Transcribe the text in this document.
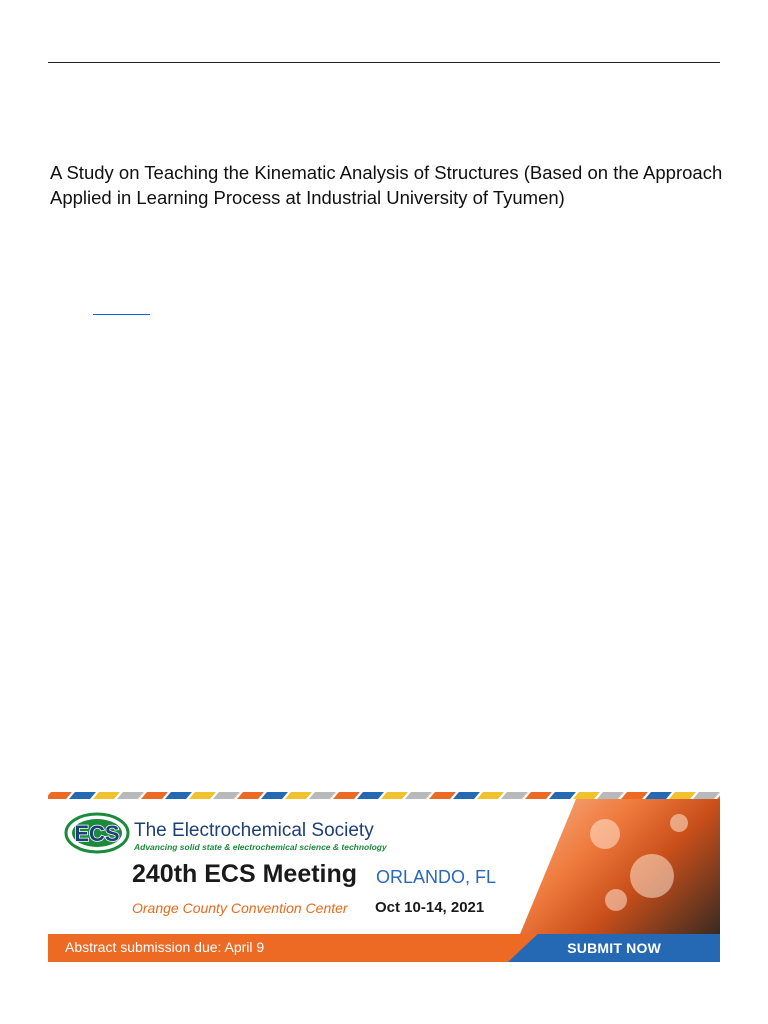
A Study on Teaching the Kinematic Analysis of Structures (Based on the Approach Applied in Learning Process at Industrial University of Tyumen)
ECS The Electrochemical Society
Advancing solid state & electrochemical science & technology
240th ECS Meeting ORLANDO, FL
Orange County Convention Center Oct 10-14, 2021
Abstract submission due: April 9	SUBMIT NOW
